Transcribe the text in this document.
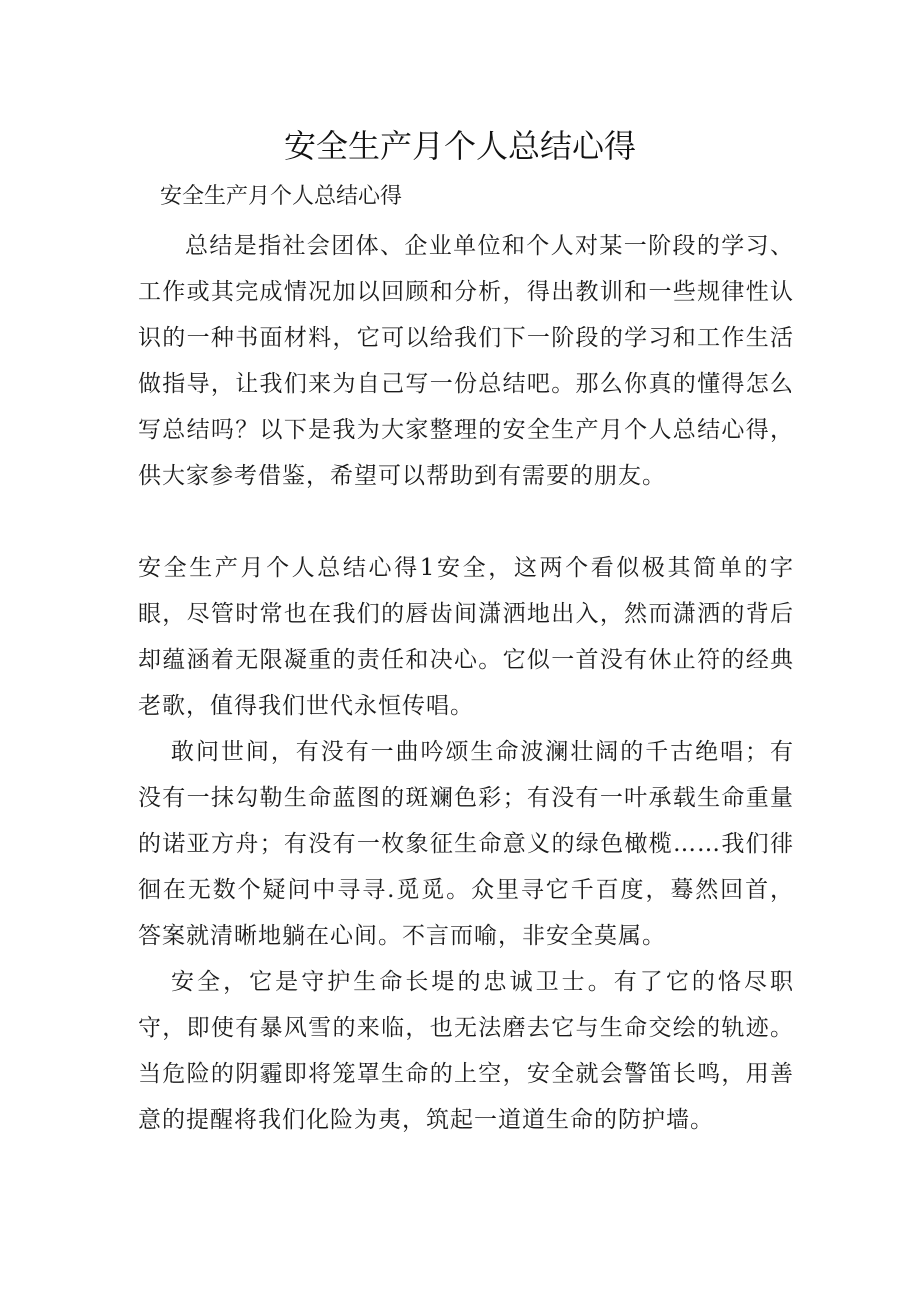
安全生产月个人总结心得
安全生产月个人总结心得

总结是指社会团体、企业单位和个人对某一阶段的学习、工作或其完成情况加以回顾和分析，得出教训和一些规律性认识的一种书面材料，它可以给我们下一阶段的学习和工作生活做指导，让我们来为自己写一份总结吧。那么你真的懂得怎么写总结吗？以下是我为大家整理的安全生产月个人总结心得，供大家参考借鉴，希望可以帮助到有需要的朋友。

安全生产月个人总结心得1安全，这两个看似极其简单的字眼，尽管时常也在我们的唇齿间潇洒地出入，然而潇洒的背后却蕴涵着无限凝重的责任和决心。它似一首没有休止符的经典老歌，值得我们世代永恒传唱。

敢问世间，有没有一曲吟颂生命波澜壮阔的千古绝唱；有没有一抹勾勒生命蓝图的斑斓色彩；有没有一叶承载生命重量的诺亚方舟；有没有一枚象征生命意义的绿色橄榄……我们徘徊在无数个疑问中寻寻.觅觅。众里寻它千百度，蓦然回首，答案就清晰地躺在心间。不言而喻，非安全莫属。

安全，它是守护生命长堤的忠诚卫士。有了它的恪尽职守，即使有暴风雪的来临，也无法磨去它与生命交绘的轨迹。当危险的阴霾即将笼罩生命的上空，安全就会警笛长鸣，用善意的提醒将我们化险为夷，筑起一道道生命的防护墙。
